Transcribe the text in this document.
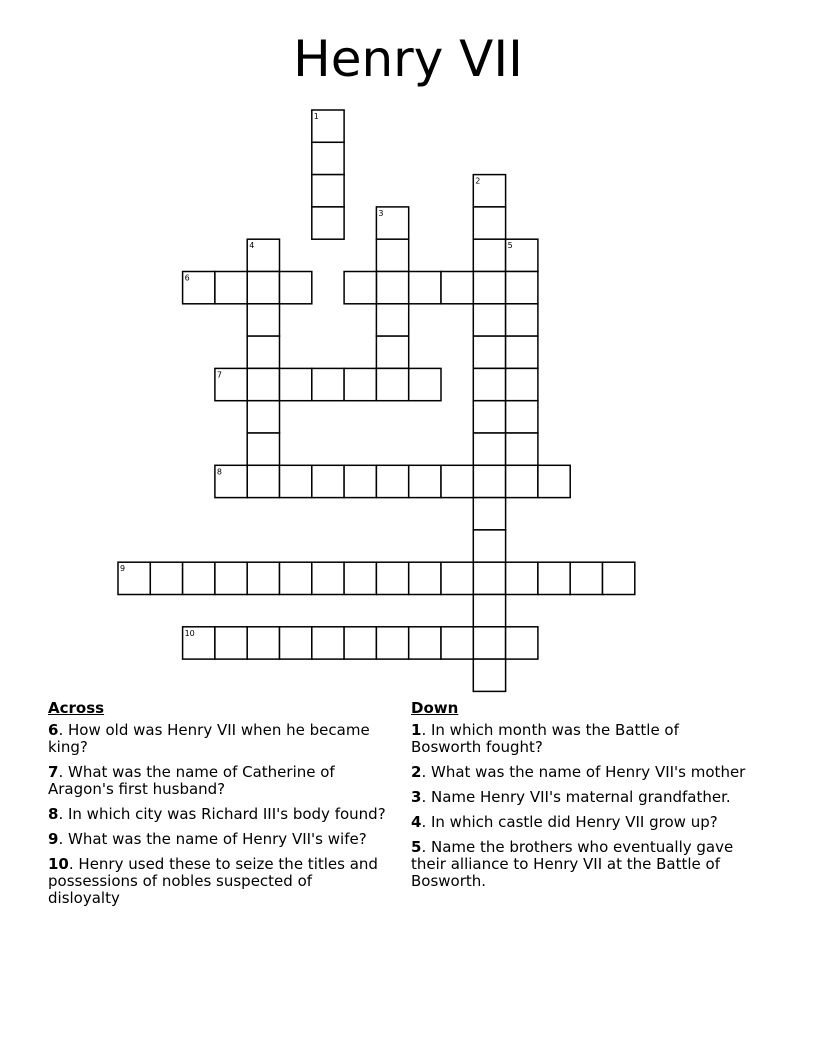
Henry VII
1
2
3
4	5
6
7
8
9
10
Across
6. How old was Henry VII when he became king?
7. What was the name of Catherine of Aragon's first husband?
8. In which city was Richard III's body found?
9. What was the name of Henry VII's wife?
10. Henry used these to seize the titles and possessions of nobles suspected of disloyalty
Down
1. In which month was the Battle of Bosworth fought?
2. What was the name of Henry VII's mother
3. Name Henry VII's maternal grandfather.
4. In which castle did Henry VII grow up?
5. Name the brothers who eventually gave their alliance to Henry VII at the Battle of Bosworth.
